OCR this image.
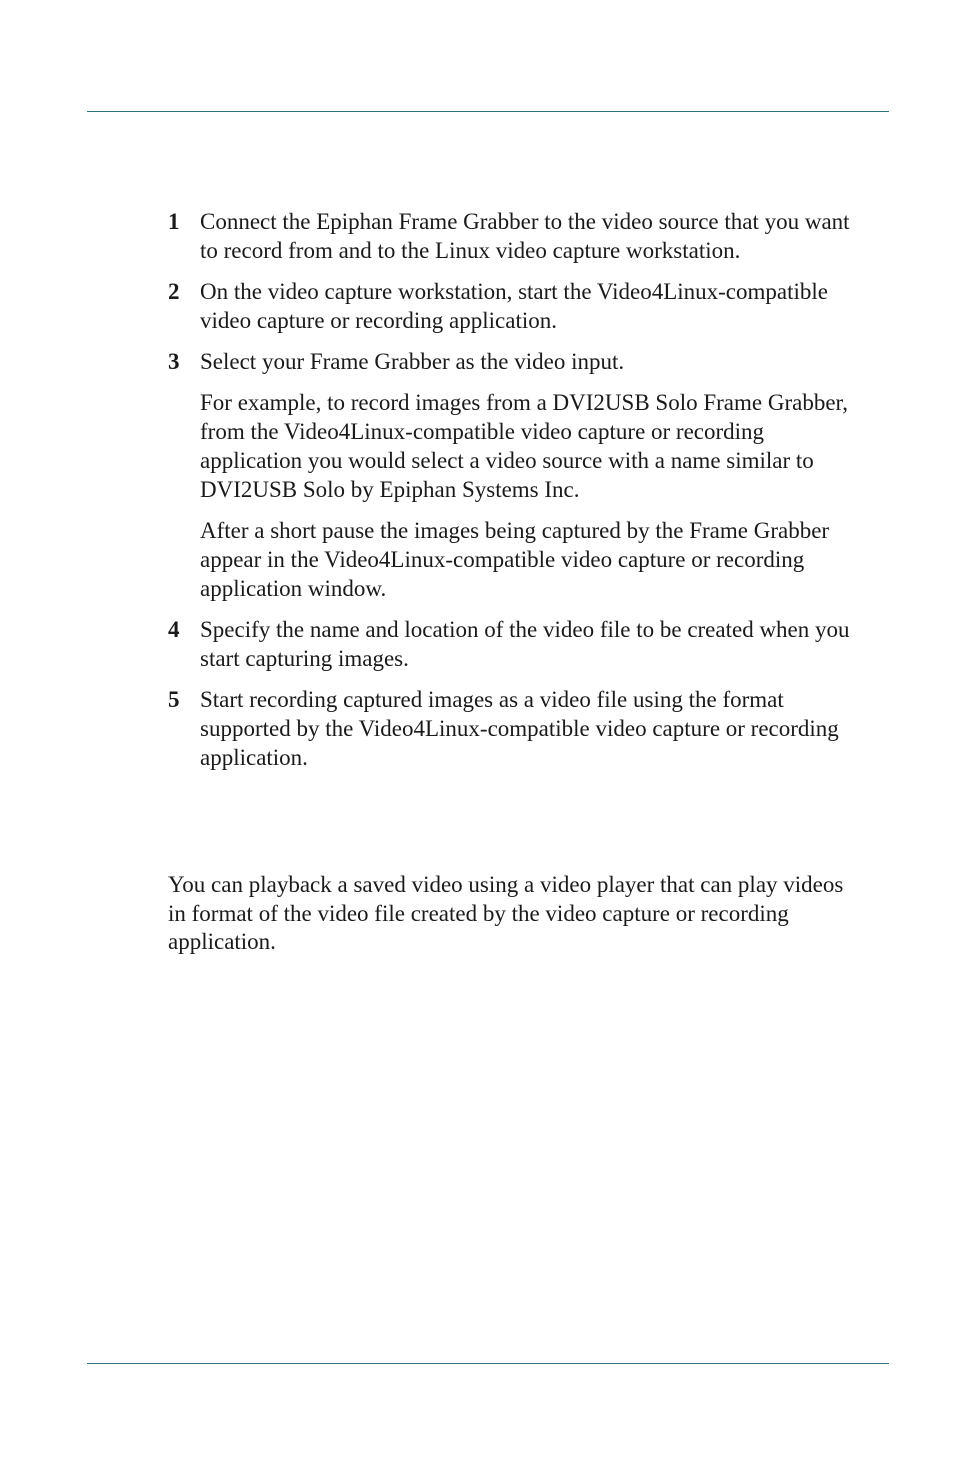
1 Connect the Epiphan Frame Grabber to the video source that you want to record from and to the Linux video capture workstation.

2 On the video capture workstation, start the Video4Linux-compatible video capture or recording application.

3 Select your Frame Grabber as the video input.

For example, to record images from a DVI2USB Solo Frame Grabber, from the Video4Linux-compatible video capture or recording application you would select a video source with a name similar to DVI2USB Solo by Epiphan Systems Inc.

After a short pause the images being captured by the Frame Grabber appear in the Video4Linux-compatible video capture or recording application window.

4 Specify the name and location of the video file to be created when you start capturing images.

5 Start recording captured images as a video file using the format supported by the Video4Linux-compatible video capture or recording application.

You can playback a saved video using a video player that can play videos in format of the video file created by the video capture or recording application.
